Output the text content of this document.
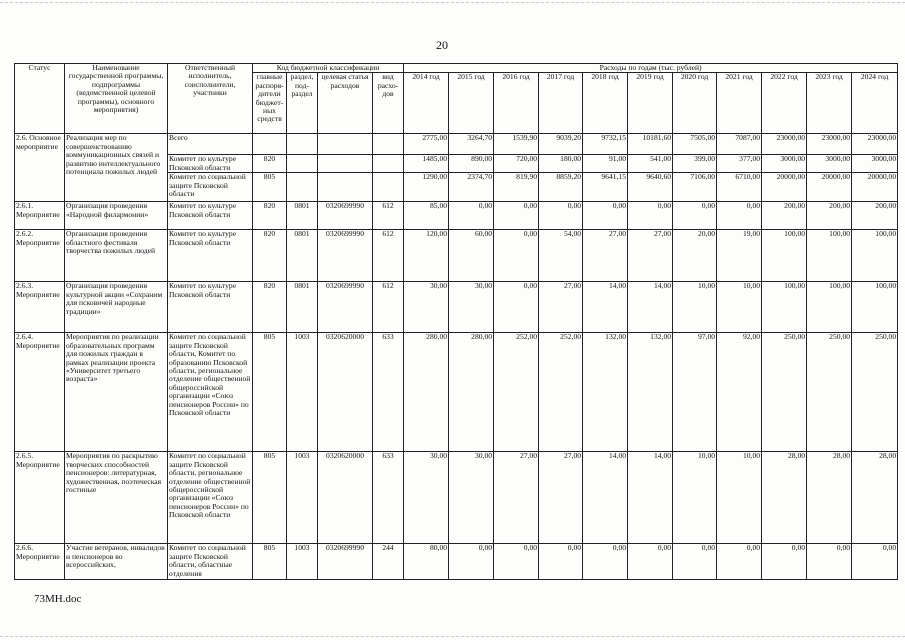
20
Статус	Наименование государственной программы, подпрограммы (ведомственной целевой программы), основного мероприятия)	Ответственный исполнитель, соисполнители, участники	Код бюджетной классификации				Расходы по годам (тыс. рублей)										
			главные распоря-дители бюджет-ных средств	раздел, под-раздел	целевая статья расходов	вид расхо-дов	2014 год	2015 год	2016 год	2017 год	2018 год	2019 год	2020 год	2021 год	2022 год	2023 год	2024 год
2.6. Основное мероприятие	Реализация мер по совершенствованию коммуникационных связей и развитию интеллектуального потенциала пожилых людей	Всего					2775,00	3264,70	1539,90	9039,20	9732,15	10181,60	7505,00	7087,00	23000,00	23000,00	23000,00
		Комитет по культуре Псковской области	820				1485,00	890,00	720,00	180,00	91,00	541,00	399,00	377,00	3000,00	3000,00	3000,00
		Комитет по социальной защите Псковской области	805				1290,00	2374,70	819,90	8859,20	9641,15	9640,60	7106,00	6710,00	20000,00	20000,00	20000,00
2.6.1. Мероприятие	Организация проведения «Народной филармонии»	Комитет по культуре Псковской области	820	0801	0320699990	612	85,00	0,00	0,00	0,00	0,00	0,00	0,00	0,00	200,00	200,00	200,00
2.6.2. Мероприятие	Организация проведения областного фестиваля творчества пожилых людей	Комитет по культуре Псковской области	820	0801	0320699990	612	120,00	60,00	0,00	54,00	27,00	27,00	20,00	19,00	100,00	100,00	100,00
2.6.3. Мероприятие	Организация проведения культурной акции «Сохраним для псковичей народные традиции»	Комитет по культуре Псковской области	820	0801	0320699990	612	30,00	30,00	0,00	27,00	14,00	14,00	10,00	10,00	100,00	100,00	100,00
2.6.4. Мероприятие	Мероприятия по реализации образовательных программ для пожилых граждан в рамках реализации проекта «Университет третьего возраста»	Комитет по социальной защите Псковской области, Комитет по образованию Псковской области, региональное отделение общественной общероссийской организации «Союз пенсионеров России» по Псковской области	805	1003	0320620000	633	280,00	280,00	252,00	252,00	132,00	132,00	97,00	92,00	250,00	250,00	250,00
2.6.5. Мероприятие	Мероприятия по раскрытию творческих способностей пенсионеров: литературная, художественная, поэтическая гостиные	Комитет по социальной защите Псковской области, региональное отделение общественной общероссийской организации «Союз пенсионеров России» по Псковской области	805	1003	0320620000	633	30,00	30,00	27,00	27,00	14,00	14,00	10,00	10,00	28,00	28,00	28,00
2.6.6. Мероприятие	Участие ветеранов, инвалидов и пенсионеров во всероссийских,	Комитет по социальной защите Псковской области, областные отделения	805	1003	0320699990	244	80,00	0,00	0,00	0,00	0,00	0,00	0,00	0,00	0,00	0,00	0,00
73MH.doc
